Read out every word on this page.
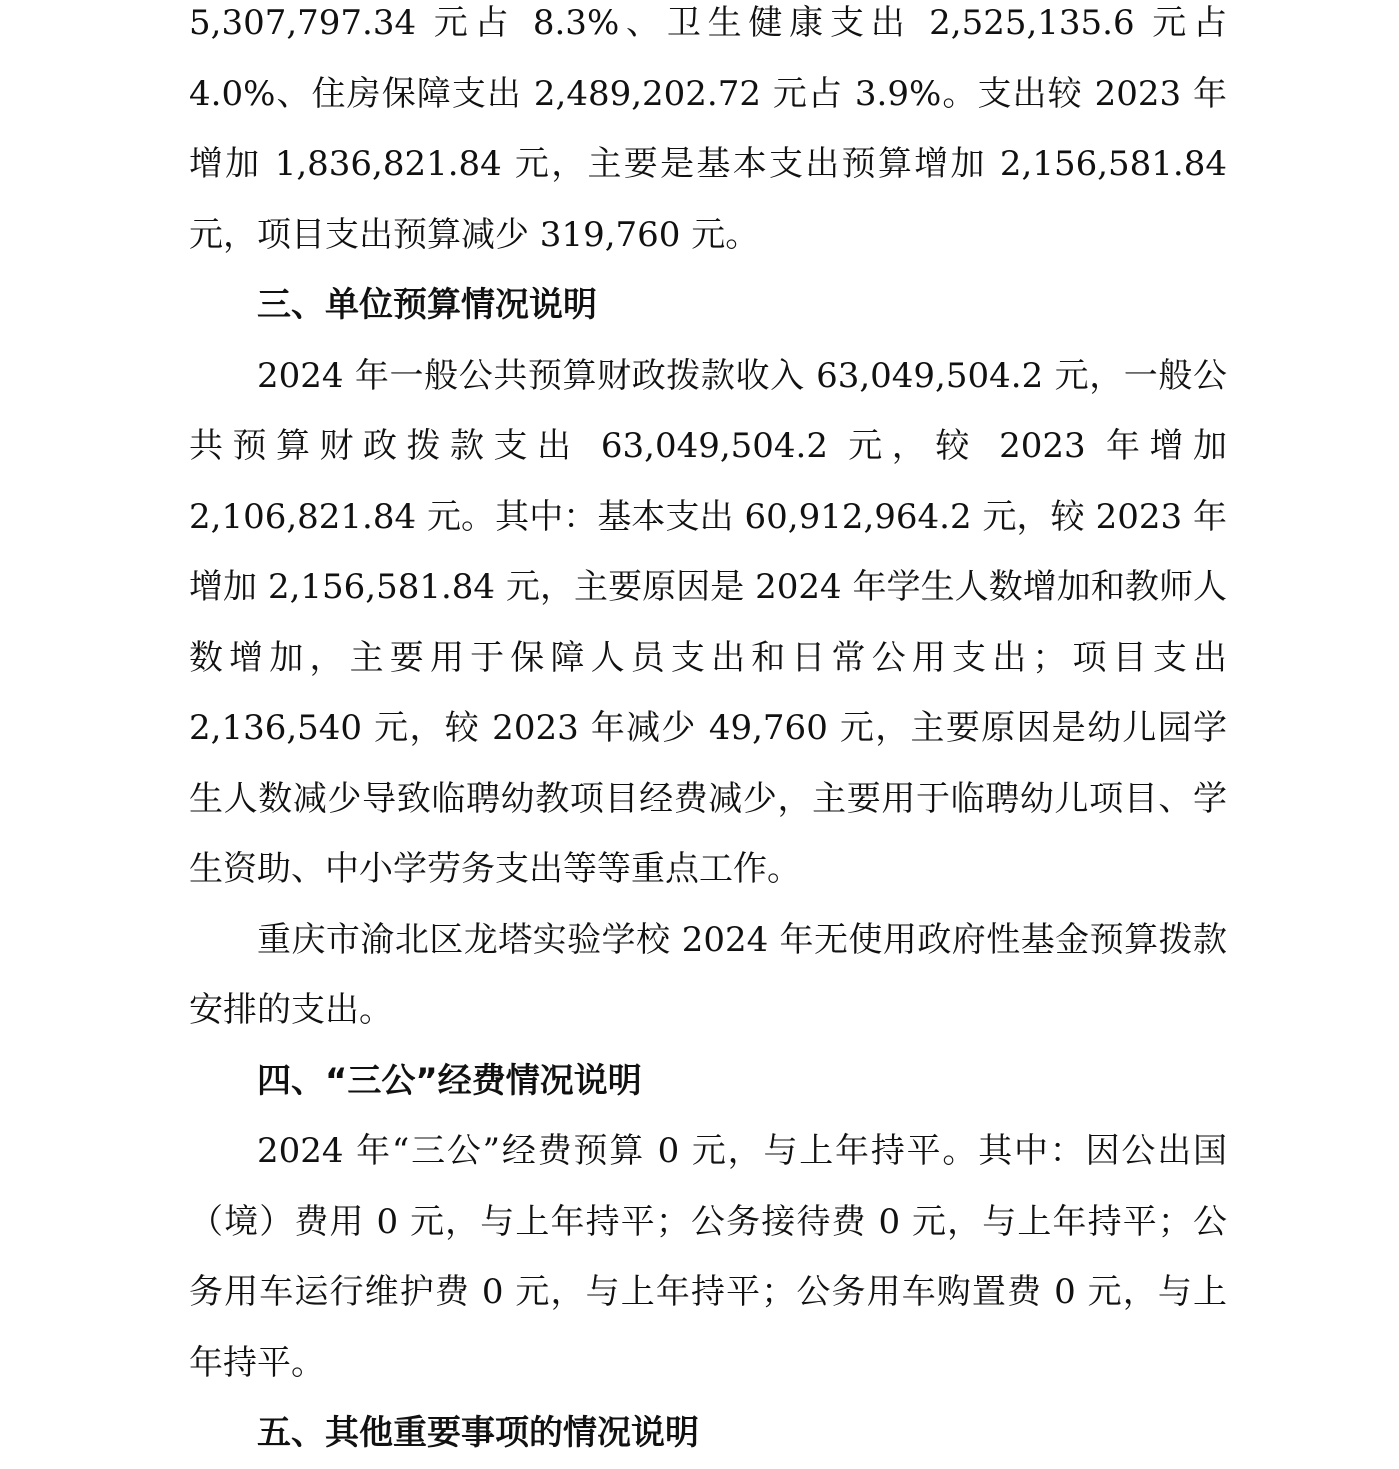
5,307,797.34 元占 8.3%、卫生健康支出 2,525,135.6 元占 4.0%、住房保障支出 2,489,202.72 元占 3.9%。支出较 2023 年增加 1,836,821.84 元，主要是基本支出预算增加 2,156,581.84 元，项目支出预算减少 319,760 元。

三、单位预算情况说明

2024 年一般公共预算财政拨款收入 63,049,504.2 元，一般公共预算财政拨款支出 63,049,504.2 元，较 2023 年增加 2,106,821.84 元。其中：基本支出 60,912,964.2 元，较 2023 年增加 2,156,581.84 元，主要原因是 2024 年学生人数增加和教师人数增加，主要用于保障人员支出和日常公用支出；项目支出 2,136,540 元，较 2023 年减少 49,760 元，主要原因是幼儿园学生人数减少导致临聘幼教项目经费减少，主要用于临聘幼儿项目、学生资助、中小学劳务支出等等重点工作。

重庆市渝北区龙塔实验学校 2024 年无使用政府性基金预算拨款安排的支出。

四、“三公”经费情况说明

2024 年“三公”经费预算 0 元，与上年持平。其中：因公出国（境）费用 0 元，与上年持平；公务接待费 0 元，与上年持平；公务用车运行维护费 0 元，与上年持平；公务用车购置费 0 元，与上年持平。

五、其他重要事项的情况说明
